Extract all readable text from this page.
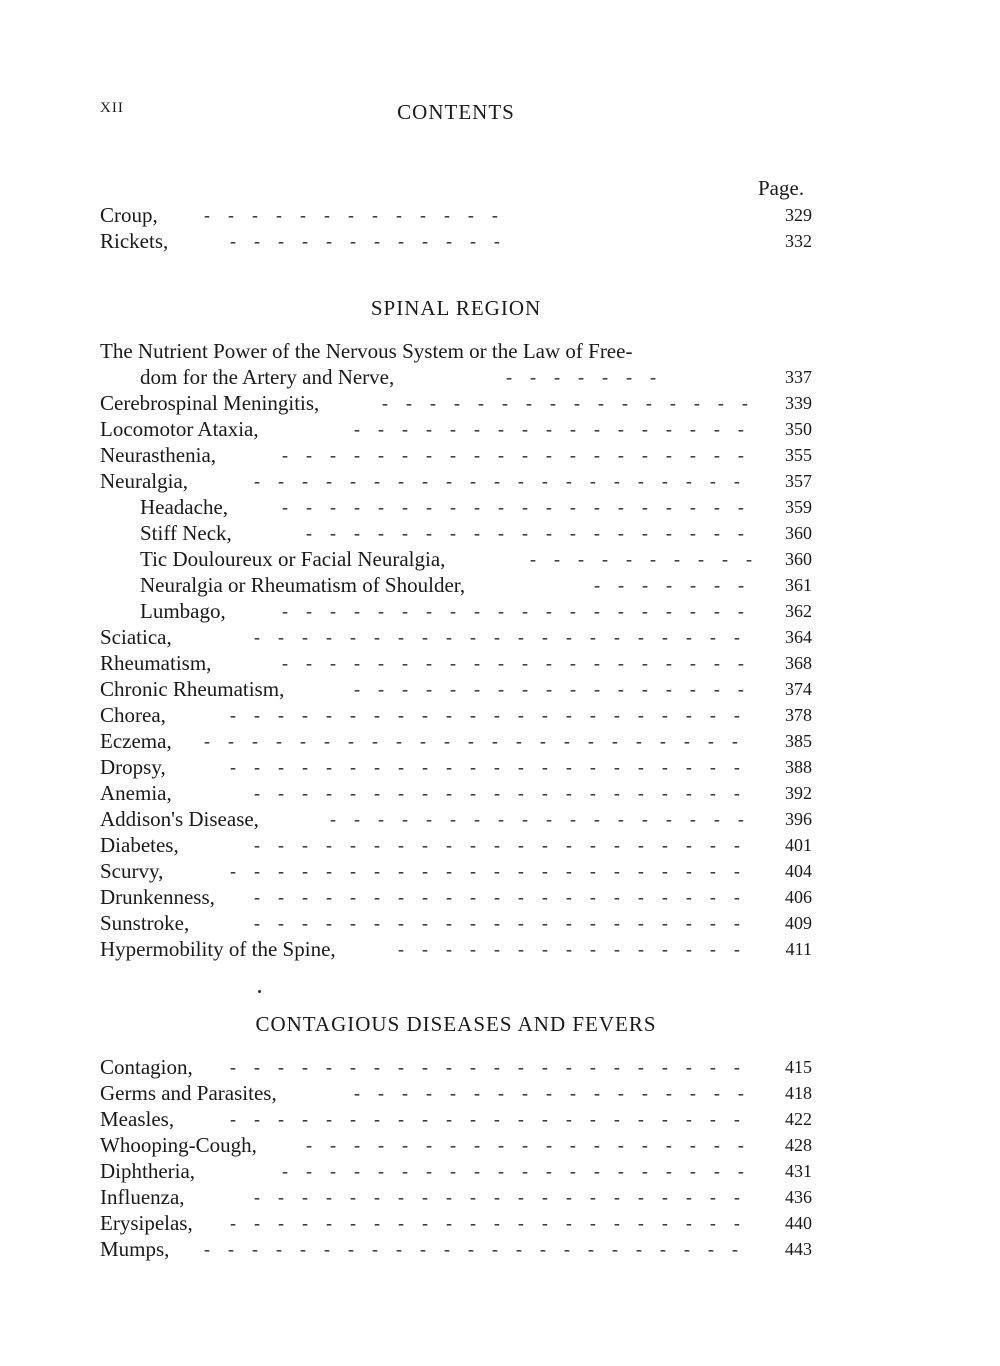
XII	CONTENTS
Page.
Croup,	-    -    -    -    -    -    -    -    -    -    -    -    -	329
Rickets,	-    -    -    -    -    -    -    -    -    -    -    -	332
SPINAL REGION
The Nutrient Power of the Nervous System or the Law of Free-
dom for the Artery and Nerve,	-    -    -    -    -    -    -	337
Cerebrospinal Meningitis,	-    -    -    -    -    -    -    -    -    -    -    -    -    -    -    -	339
Locomotor Ataxia,	-    -    -    -    -    -    -    -    -    -    -    -    -    -    -    -    -	350
Neurasthenia,	-    -    -    -    -    -    -    -    -    -    -    -    -    -    -    -    -    -    -    -	355
Neuralgia,	-    -    -    -    -    -    -    -    -    -    -    -    -    -    -    -    -    -    -    -    -	357
Headache,	-    -    -    -    -    -    -    -    -    -    -    -    -    -    -    -    -    -    -    -	359
Stiff Neck,	-    -    -    -    -    -    -    -    -    -    -    -    -    -    -    -    -    -    -	360
Tic Douloureux or Facial Neuralgia,	-    -    -    -    -    -    -    -    -    -	360
Neuralgia or Rheumatism of Shoulder,	-    -    -    -    -    -    -	361
Lumbago,	-    -    -    -    -    -    -    -    -    -    -    -    -    -    -    -    -    -    -    -	362
Sciatica,	-    -    -    -    -    -    -    -    -    -    -    -    -    -    -    -    -    -    -    -    -	364
Rheumatism,	-    -    -    -    -    -    -    -    -    -    -    -    -    -    -    -    -    -    -    -	368
Chronic Rheumatism,	-    -    -    -    -    -    -    -    -    -    -    -    -    -    -    -    -	374
Chorea,	-    -    -    -    -    -    -    -    -    -    -    -    -    -    -    -    -    -    -    -    -    -	378
Eczema, -    -    -    -    -    -    -    -    -    -    -    -    -    -    -    -    -    -    -    -    -    -    -	385
Dropsy,	-    -    -    -    -    -    -    -    -    -    -    -    -    -    -    -    -    -    -    -    -    -	388
Anemia,	-    -    -    -    -    -    -    -    -    -    -    -    -    -    -    -    -    -    -    -    -	392
Addison's Disease,	-    -    -    -    -    -    -    -    -    -    -    -    -    -    -    -    -    -	396
Diabetes,	-    -    -    -    -    -    -    -    -    -    -    -    -    -    -    -    -    -    -    -    -	401
Scurvy,	-    -    -    -    -    -    -    -    -    -    -    -    -    -    -    -    -    -    -    -    -    -	404
Drunkenness, -    -    -    -    -    -    -    -    -    -    -    -    -    -    -    -    -    -    -    -    -	406
Sunstroke,	-    -    -    -    -    -    -    -    -    -    -    -    -    -    -    -    -    -    -    -    -	409
Hypermobility of the Spine,	-    -    -    -    -    -    -    -    -    -    -    -    -    -    -	411
CONTAGIOUS DISEASES AND FEVERS
Contagion, -    -    -    -    -    -    -    -    -    -    -    -    -    -    -    -    -    -    -    -    -    -	415
Germs and Parasites,	-    -    -    -    -    -    -    -    -    -    -    -    -    -    -    -    -	418
Measles,	-    -    -    -    -    -    -    -    -    -    -    -    -    -    -    -    -    -    -    -    -    -	422
Whooping-Cough,	-    -    -    -    -    -    -    -    -    -    -    -    -    -    -    -    -    -    -	428
Diphtheria,	-    -    -    -    -    -    -    -    -    -    -    -    -    -    -    -    -    -    -    -	431
Influenza,	-    -    -    -    -    -    -    -    -    -    -    -    -    -    -    -    -    -    -    -    -	436
Erysipelas, -    -    -    -    -    -    -    -    -    -    -    -    -    -    -    -    -    -    -    -    -    -	440
Mumps, -    -    -    -    -    -    -    -    -    -    -    -    -    -    -    -    -    -    -    -    -    -    -	443
